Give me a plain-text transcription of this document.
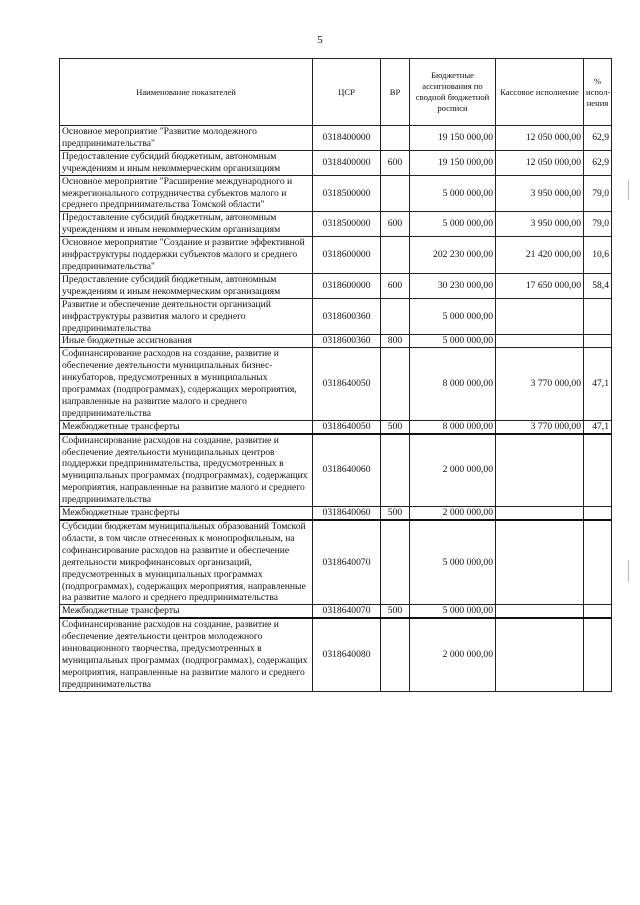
5
Наименование показателей	ЦСР	ВР	Бюджетные ассигнования по сводной бюджетной росписи	Кассовое исполнение	% испол-нения
Основное мероприятие "Развитие молодежного предпринимательства"	0318400000		19 150 000,00	12 050 000,00	62,9
Предоставление субсидий бюджетным, автономным учреждениям и иным некоммерческим организациям	0318400000	600	19 150 000,00	12 050 000,00	62,9
Основное мероприятие "Расширение международного и межрегионального сотрудничества субъектов малого и среднего предпринимательства Томской области"	0318500000		5 000 000,00	3 950 000,00	79,0
Предоставление субсидий бюджетным, автономным учреждениям и иным некоммерческим организациям	0318500000	600	5 000 000,00	3 950 000,00	79,0
Основное мероприятие "Создание и развитие эффективной инфраструктуры поддержки субъектов малого и среднего предпринимательства"	0318600000		202 230 000,00	21 420 000,00	10,6
Предоставление субсидий бюджетным, автономным учреждениям и иным некоммерческим организациям	0318600000	600	30 230 000,00	17 650 000,00	58,4
Развитие и обеспечение деятельности организаций инфраструктуры развития малого и среднего предпринимательства	0318600360		5 000 000,00		
Иные бюджетные ассигнования	0318600360	800	5 000 000,00		
Софинансирование расходов на создание, развитие и обеспечение деятельности муниципальных бизнес-инкубаторов, предусмотренных в муниципальных программах (подпрограммах), содержащих мероприятия, направленные на развитие малого и среднего предпринимательства	0318640050		8 000 000,00	3 770 000,00	47,1
Межбюджетные трансферты	0318640050	500	8 000 000,00	3 770 000,00	47,1
Софинансирование расходов на создание, развитие и обеспечение деятельности муниципальных центров поддержки предпринимательства, предусмотренных в муниципальных программах (подпрограммах), содержащих мероприятия, направленные на развитие малого и среднего предпринимательства	0318640060		2 000 000,00		
Межбюджетные трансферты	0318640060	500	2 000 000,00		
Субсидии бюджетам муниципальных образований Томской области, в том числе отнесенных к монопрофильным, на софинансирование расходов на развитие и обеспечение деятельности микрофинансовых организаций, предусмотренных в муниципальных программах (подпрограммах), содержащих мероприятия, направленные на развитие малого и среднего предпринимательства	0318640070		5 000 000,00		
Межбюджетные трансферты	0318640070	500	5 000 000,00		
Софинансирование расходов на создание, развитие и обеспечение деятельности центров молодежного инновационного творчества, предусмотренных в муниципальных программах (подпрограммах), содержащих мероприятия, направленные на развитие малого и среднего предпринимательства	0318640080		2 000 000,00		
